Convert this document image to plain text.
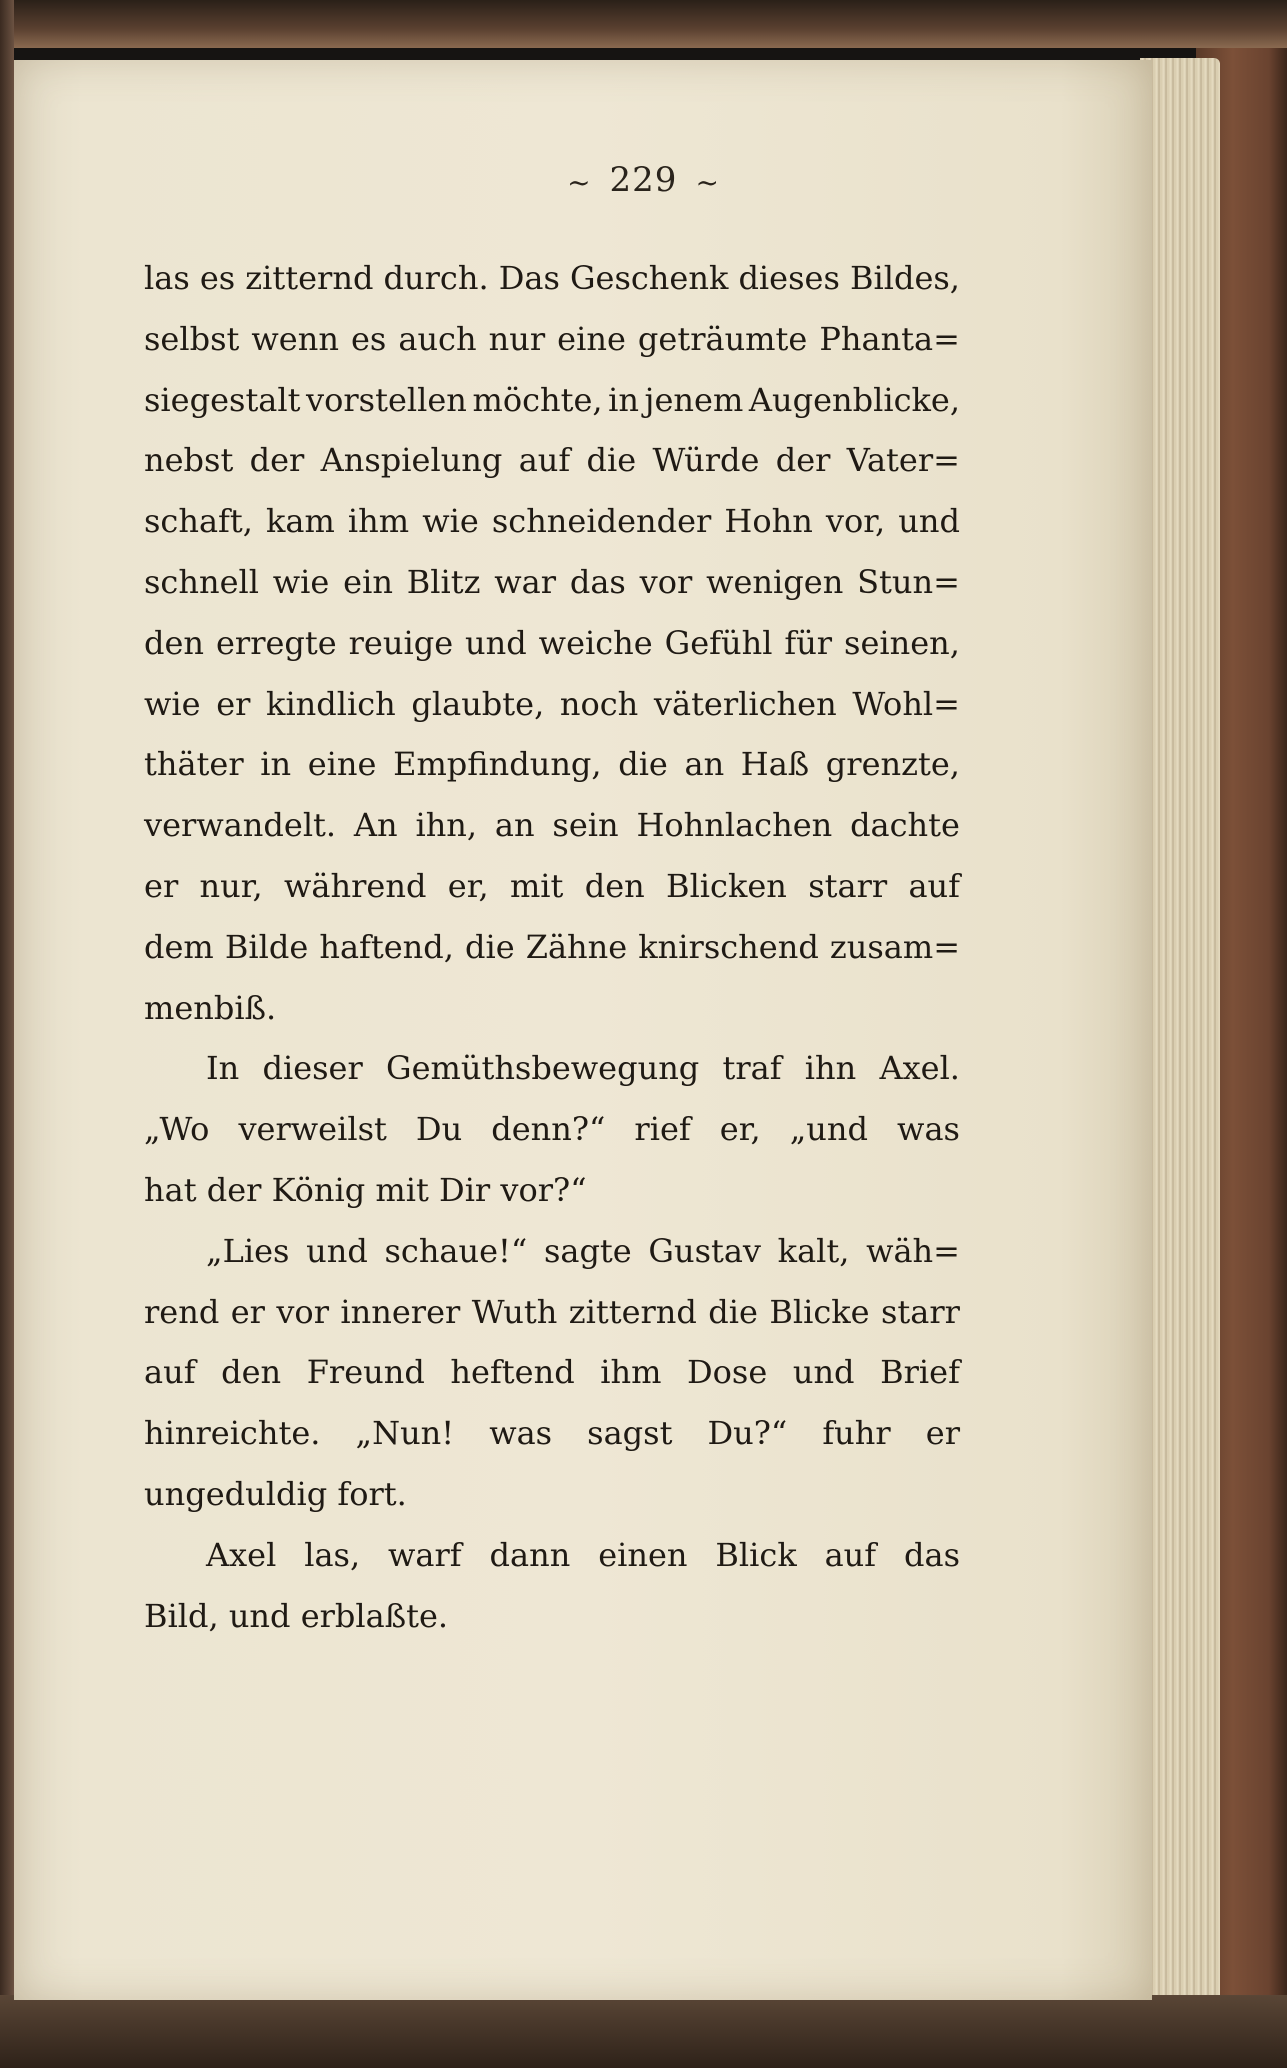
~ 229 ~
las es zitternd durch. Das Geschenk dieses Bildes,
selbst wenn es auch nur eine geträumte Phanta=
siegestalt vorstellen möchte, in jenem Augenblicke,
nebst der Anspielung auf die Würde der Vater=
schaft, kam ihm wie schneidender Hohn vor, und
schnell wie ein Blitz war das vor wenigen Stun=
den erregte reuige und weiche Gefühl für seinen,
wie er kindlich glaubte, noch väterlichen Wohl=
thäter in eine Empfindung, die an Haß grenzte,
verwandelt. An ihn, an sein Hohnlachen dachte
er nur, während er, mit den Blicken starr auf
dem Bilde haftend, die Zähne knirschend zusam=
menbiß.
In dieser Gemüthsbewegung traf ihn Axel.
„Wo verweilst Du denn?“ rief er, „und was
hat der König mit Dir vor?“
„Lies und schaue!“ sagte Gustav kalt, wäh=
rend er vor innerer Wuth zitternd die Blicke starr
auf den Freund heftend ihm Dose und Brief
hinreichte. „Nun! was sagst Du?“ fuhr er
ungeduldig fort.
Axel las, warf dann einen Blick auf das
Bild, und erblaßte.
